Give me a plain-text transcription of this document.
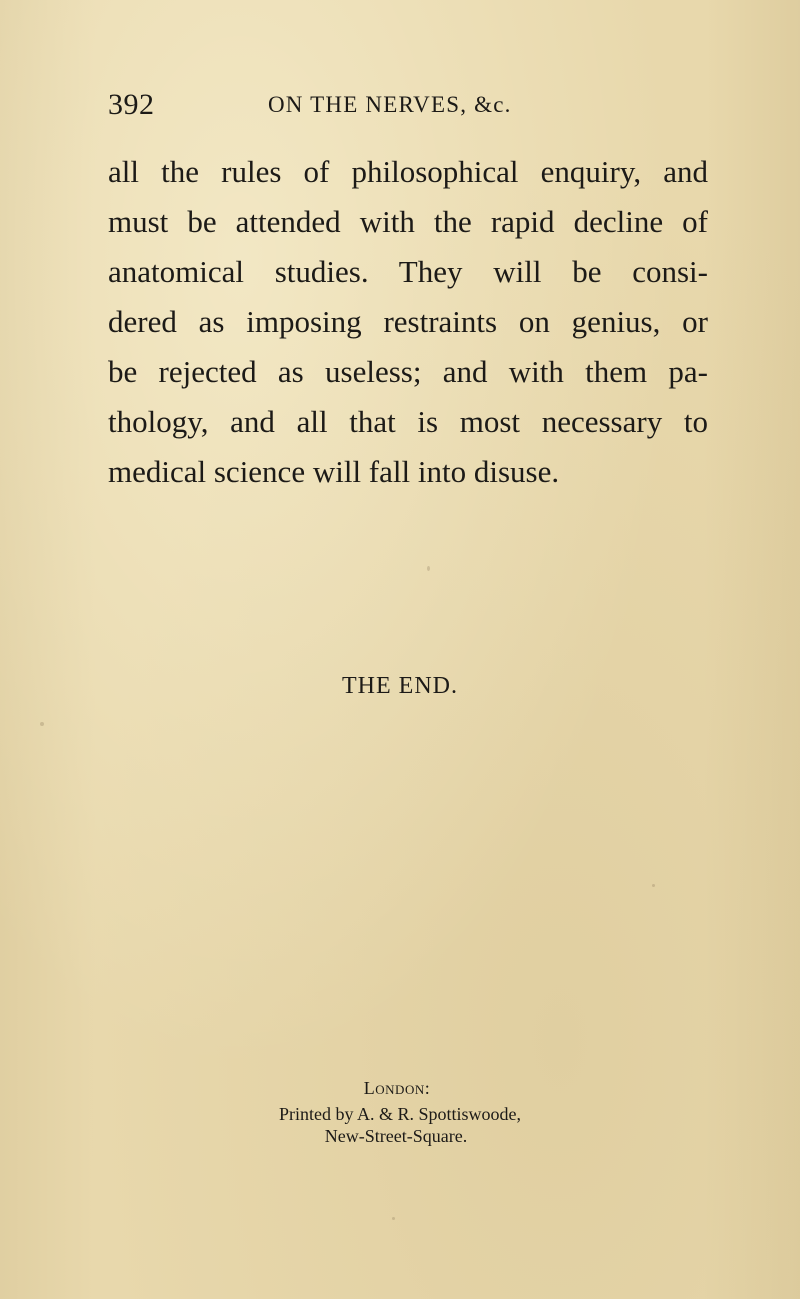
392	ON THE NERVES, &c.
all the rules of philosophical enquiry, and
must be attended with the rapid decline of
anatomical studies. They will be consi-
dered as imposing restraints on genius, or
be rejected as useless; and with them pa-
thology, and all that is most necessary to
medical science will fall into disuse.
THE END.
London:
Printed by A. & R. Spottiswoode,
New-Street-Square.
